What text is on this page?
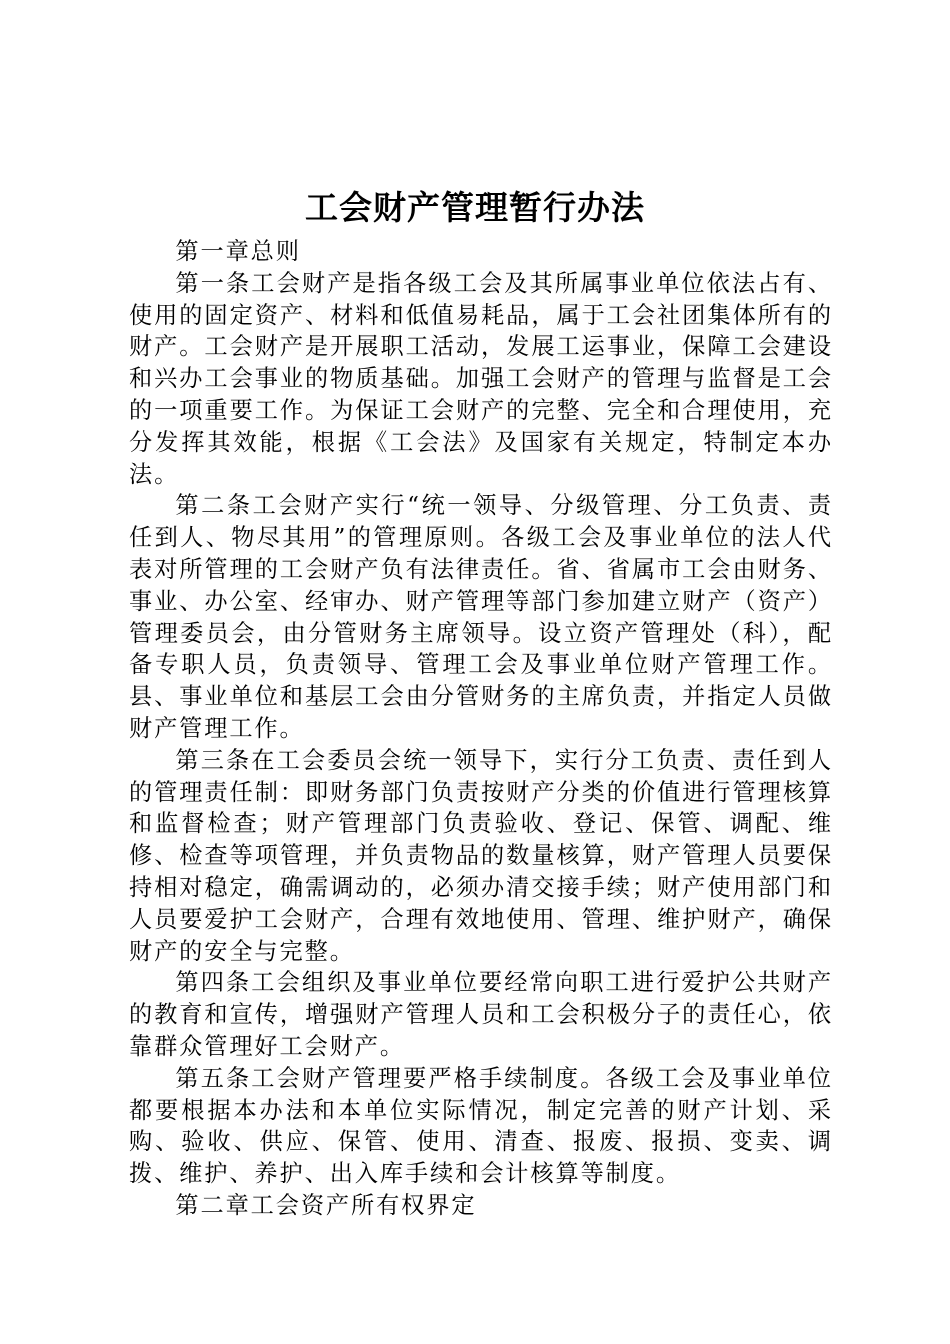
工会财产管理暂行办法

第一章总则

第一条工会财产是指各级工会及其所属事业单位依法占有、使用的固定资产、材料和低值易耗品，属于工会社团集体所有的财产。工会财产是开展职工活动，发展工运事业，保障工会建设和兴办工会事业的物质基础。加强工会财产的管理与监督是工会的一项重要工作。为保证工会财产的完整、完全和合理使用，充分发挥其效能，根据《工会法》及国家有关规定，特制定本办法。

第二条工会财产实行“统一领导、分级管理、分工负责、责任到人、物尽其用”的管理原则。各级工会及事业单位的法人代表对所管理的工会财产负有法律责任。省、省属市工会由财务、事业、办公室、经审办、财产管理等部门参加建立财产（资产）管理委员会，由分管财务主席领导。设立资产管理处（科），配备专职人员，负责领导、管理工会及事业单位财产管理工作。县、事业单位和基层工会由分管财务的主席负责，并指定人员做财产管理工作。

第三条在工会委员会统一领导下，实行分工负责、责任到人的管理责任制：即财务部门负责按财产分类的价值进行管理核算和监督检查；财产管理部门负责验收、登记、保管、调配、维修、检查等项管理，并负责物品的数量核算，财产管理人员要保持相对稳定，确需调动的，必须办清交接手续；财产使用部门和人员要爱护工会财产，合理有效地使用、管理、维护财产，确保财产的安全与完整。

第四条工会组织及事业单位要经常向职工进行爱护公共财产的教育和宣传，增强财产管理人员和工会积极分子的责任心，依靠群众管理好工会财产。

第五条工会财产管理要严格手续制度。各级工会及事业单位都要根据本办法和本单位实际情况，制定完善的财产计划、采购、验收、供应、保管、使用、清查、报废、报损、变卖、调拨、维护、养护、出入库手续和会计核算等制度。

第二章工会资产所有权界定
